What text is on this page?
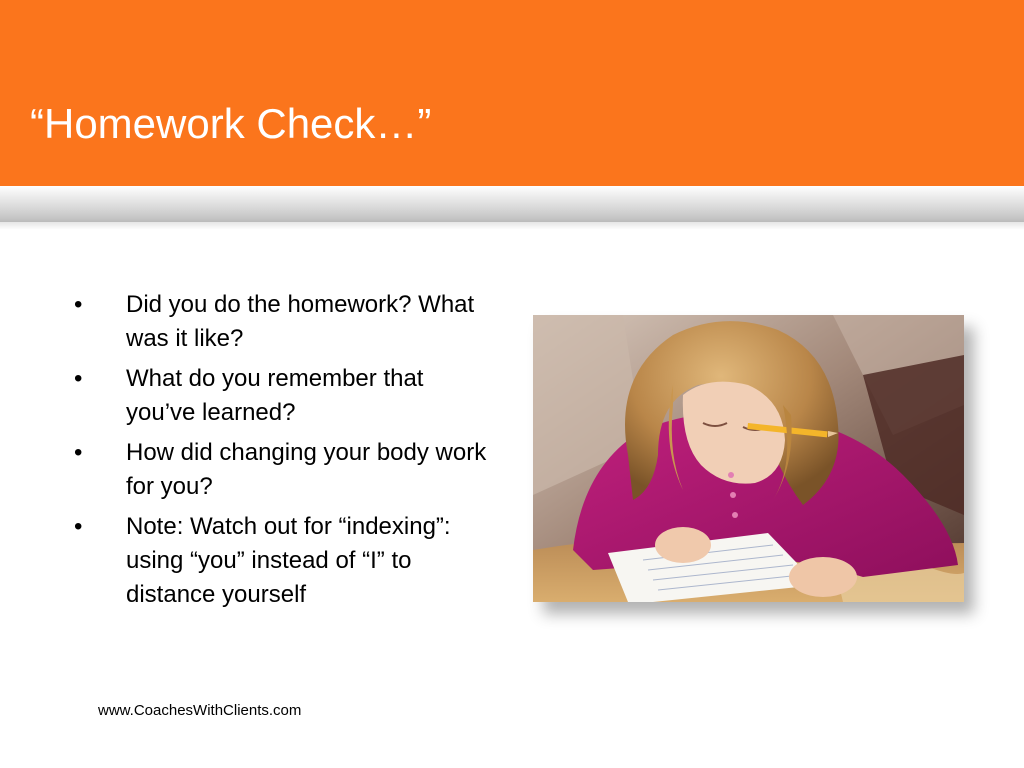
“Homework Check…”
•	Did you do the homework? What was it like?
•	What do you remember that you’ve learned?
•	How did changing your body work for you?
•	Note: Watch out for “indexing”: using “you” instead of “I” to distance yourself
www.CoachesWithClients.com
